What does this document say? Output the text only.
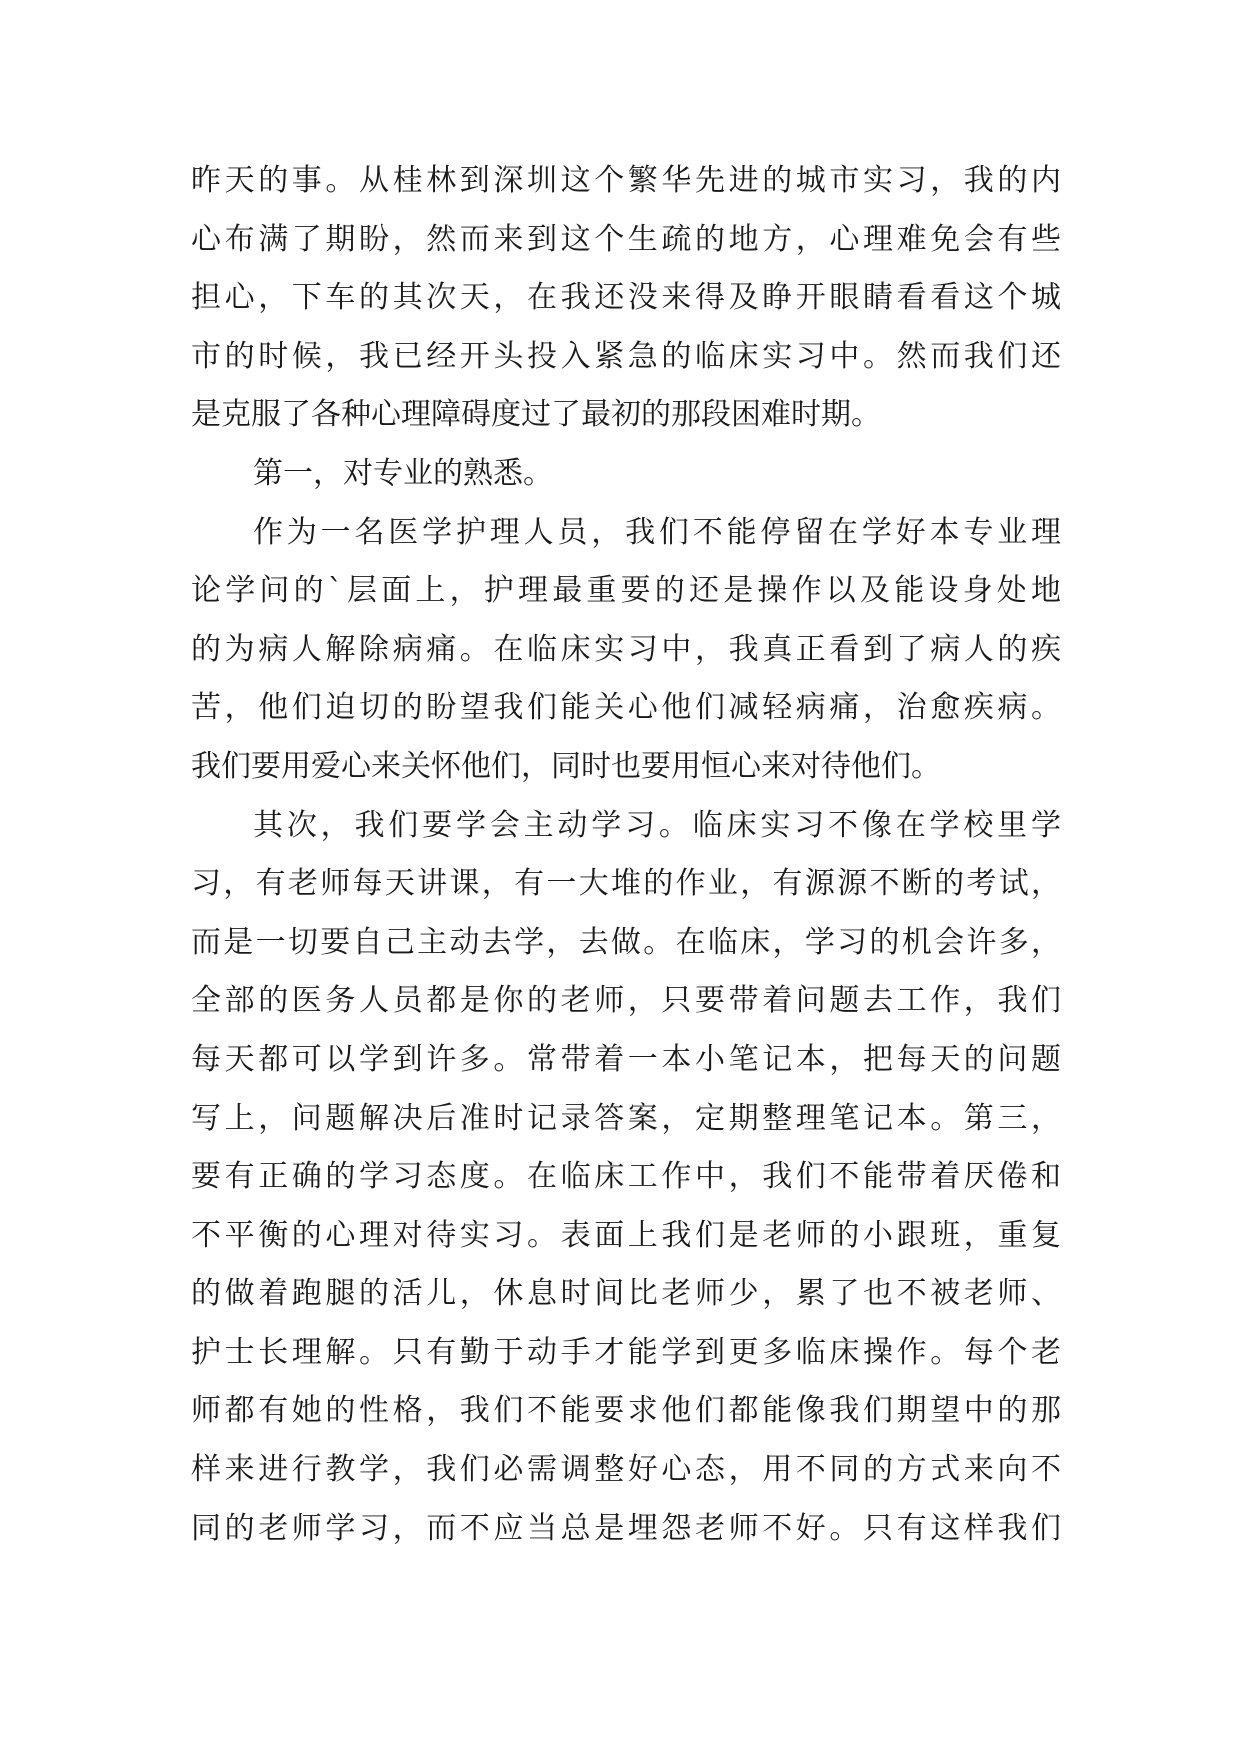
昨天的事。从桂林到深圳这个繁华先进的城市实习，我的内
心布满了期盼，然而来到这个生疏的地方，心理难免会有些
担心，下车的其次天，在我还没来得及睁开眼睛看看这个城
市的时候，我已经开头投入紧急的临床实习中。然而我们还
是克服了各种心理障碍度过了最初的那段困难时期。
第一，对专业的熟悉。
作为一名医学护理人员，我们不能停留在学好本专业理
论学问的`层面上，护理最重要的还是操作以及能设身处地
的为病人解除病痛。在临床实习中，我真正看到了病人的疾
苦，他们迫切的盼望我们能关心他们减轻病痛，治愈疾病。
我们要用爱心来关怀他们，同时也要用恒心来对待他们。
其次，我们要学会主动学习。临床实习不像在学校里学
习，有老师每天讲课，有一大堆的作业，有源源不断的考试，
而是一切要自己主动去学，去做。在临床，学习的机会许多，
全部的医务人员都是你的老师，只要带着问题去工作，我们
每天都可以学到许多。常带着一本小笔记本，把每天的问题
写上，问题解决后准时记录答案，定期整理笔记本。第三，
要有正确的学习态度。在临床工作中，我们不能带着厌倦和
不平衡的心理对待实习。表面上我们是老师的小跟班，重复
的做着跑腿的活儿，休息时间比老师少，累了也不被老师、
护士长理解。只有勤于动手才能学到更多临床操作。每个老
师都有她的性格，我们不能要求他们都能像我们期望中的那
样来进行教学，我们必需调整好心态，用不同的方式来向不
同的老师学习，而不应当总是埋怨老师不好。只有这样我们
